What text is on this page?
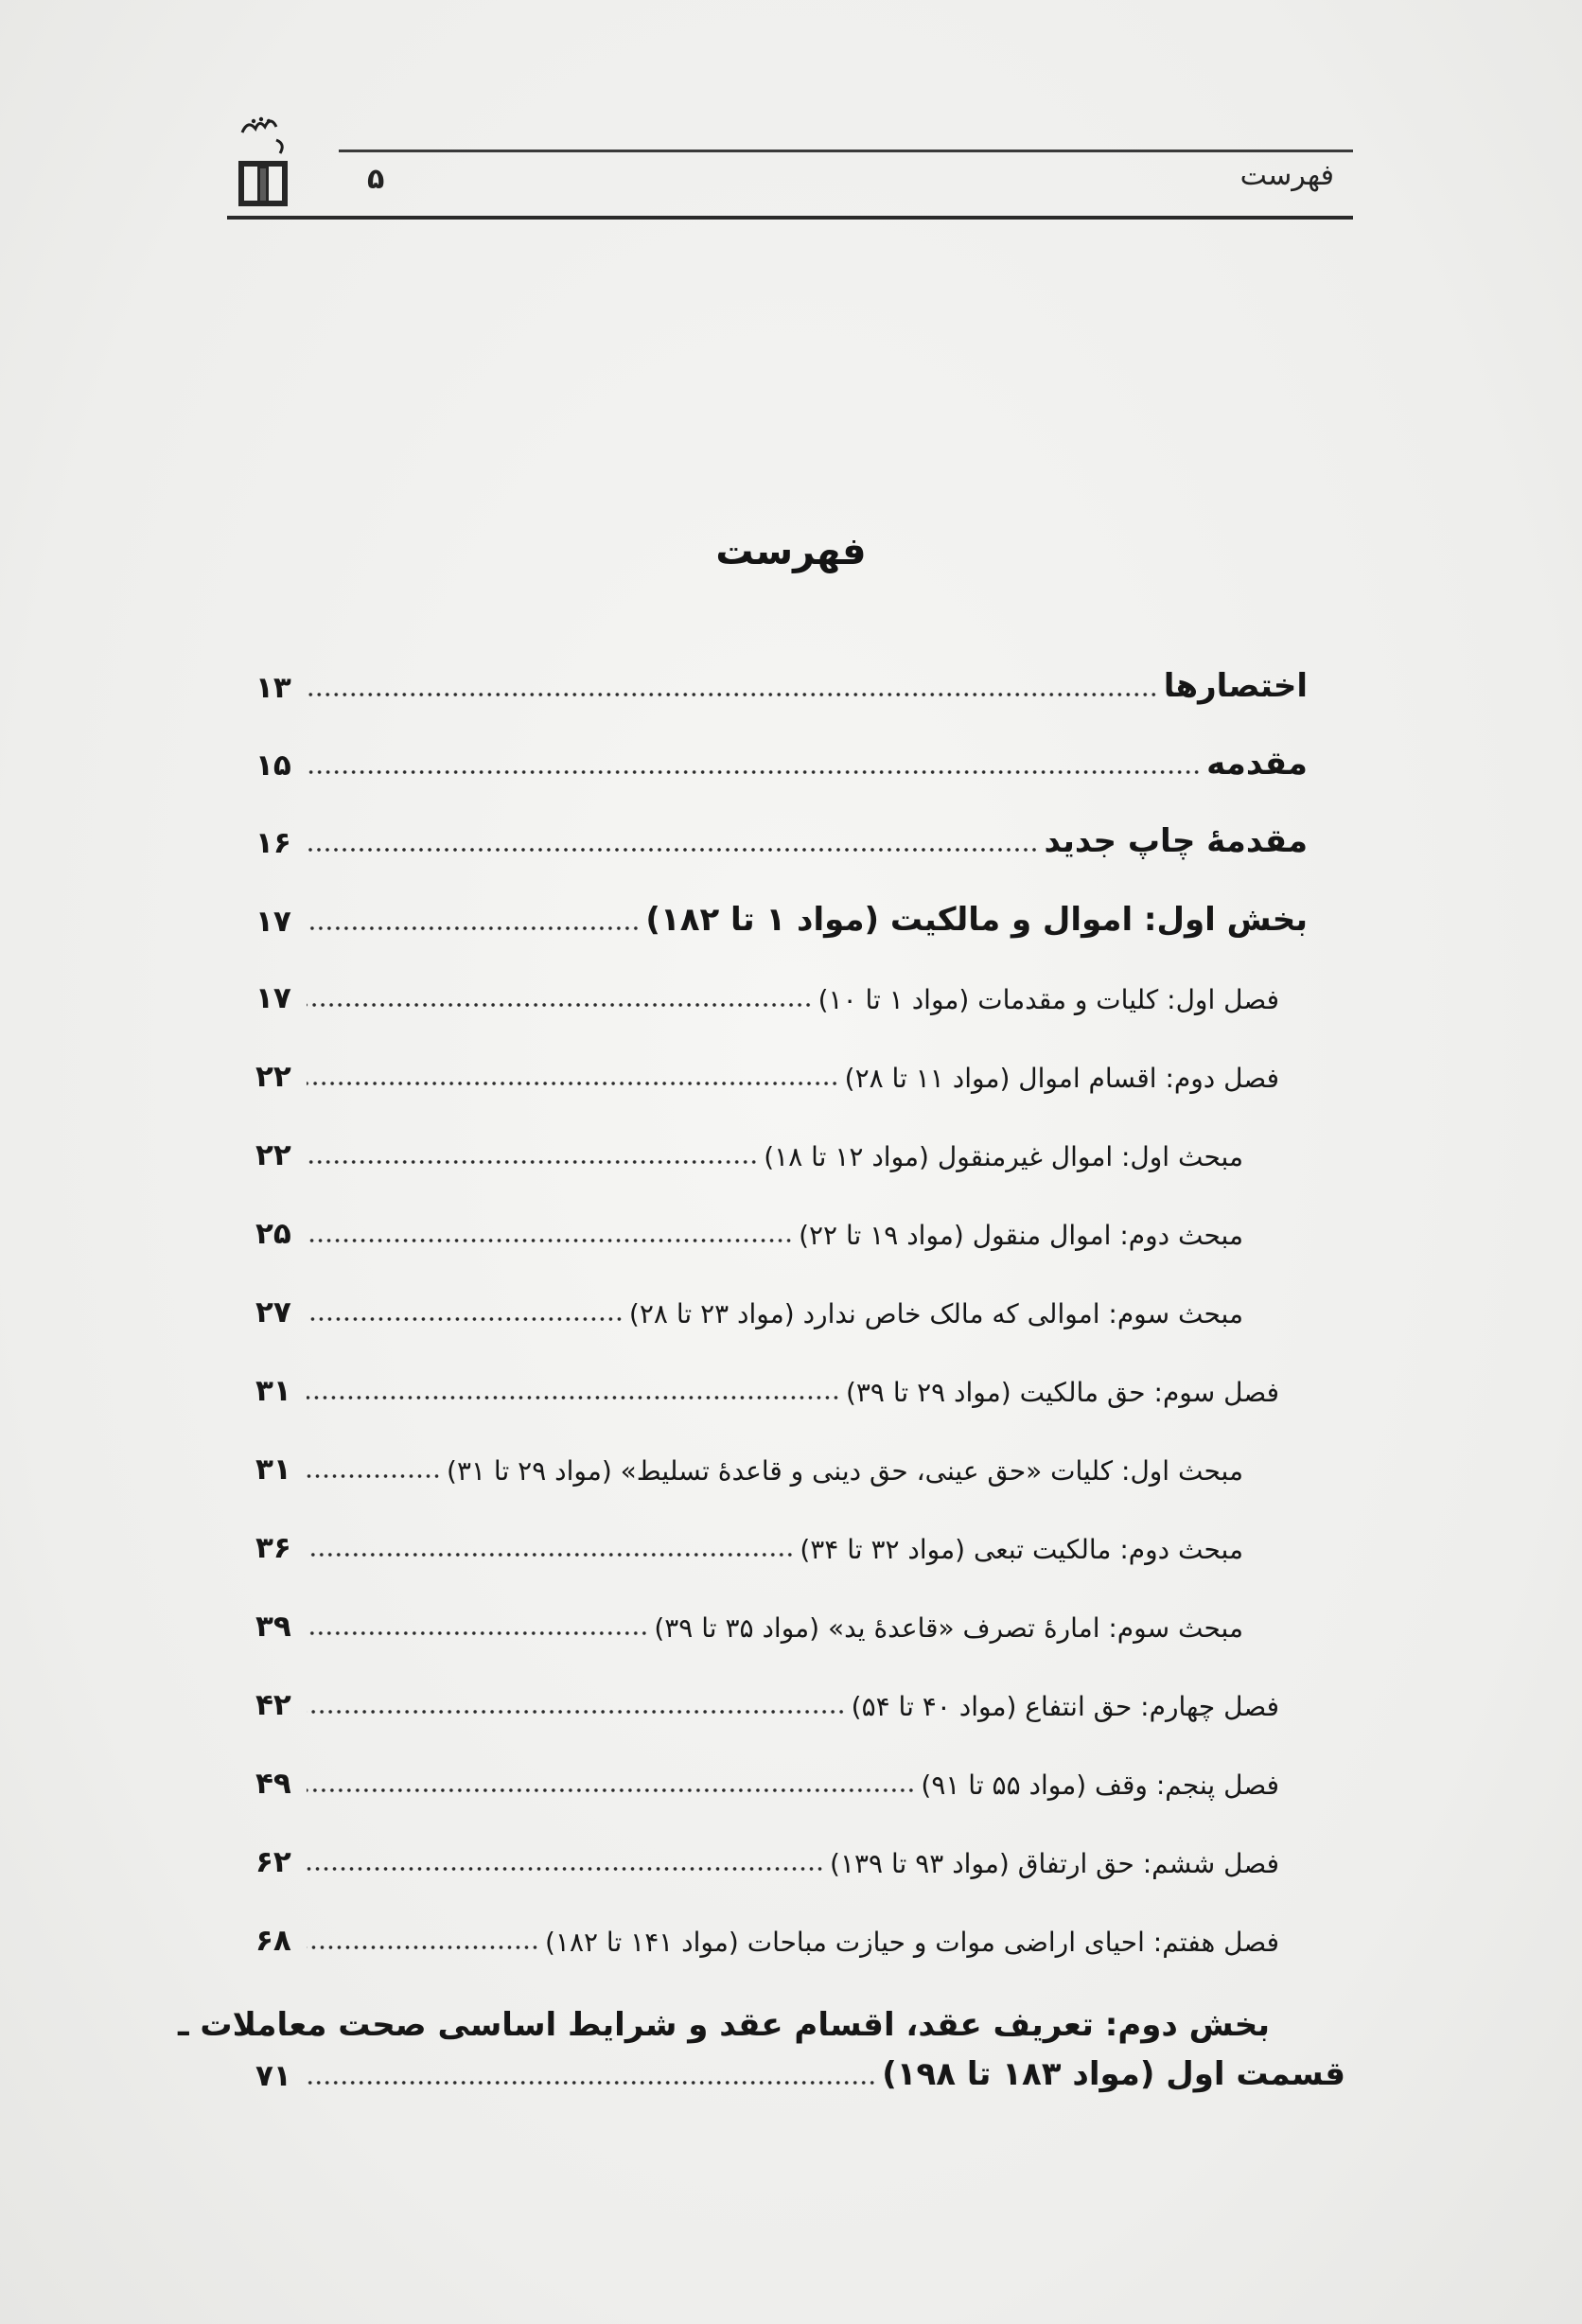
فهرست
۵
فهرست
اختصارها
۱۳
مقدمه
۱۵
مقدمهٔ چاپ جدید
۱۶
بخش اول: اموال و مالکیت (مواد ۱ تا ۱۸۲)
۱۷
فصل اول: کلیات و مقدمات (مواد ۱ تا ۱۰)
۱۷
فصل دوم: اقسام اموال (مواد ۱۱ تا ۲۸)
۲۲
مبحث اول: اموال غیرمنقول (مواد ۱۲ تا ۱۸)
۲۲
مبحث دوم: اموال منقول (مواد ۱۹ تا ۲۲)
۲۵
مبحث سوم: اموالی که مالک خاص ندارد (مواد ۲۳ تا ۲۸)
۲۷
فصل سوم: حق مالکیت (مواد ۲۹ تا ۳۹)
۳۱
مبحث اول: کلیات «حق عینی، حق دینی و قاعدهٔ تسلیط» (مواد ۲۹ تا ۳۱)
۳۱
مبحث دوم: مالکیت تبعی (مواد ۳۲ تا ۳۴)
۳۶
مبحث سوم: امارهٔ تصرف «قاعدهٔ ید» (مواد ۳۵ تا ۳۹)
۳۹
فصل چهارم: حق انتفاع (مواد ۴۰ تا ۵۴)
۴۲
فصل پنجم: وقف (مواد ۵۵ تا ۹۱)
۴۹
فصل ششم: حق ارتفاق (مواد ۹۳ تا ۱۳۹)
۶۲
فصل هفتم: احیای اراضی موات و حیازت مباحات (مواد ۱۴۱ تا ۱۸۲)
۶۸
بخش دوم: تعریف عقد، اقسام عقد و شرایط اساسی صحت معاملات ـ
قسمت اول (مواد ۱۸۳ تا ۱۹۸)
۷۱
